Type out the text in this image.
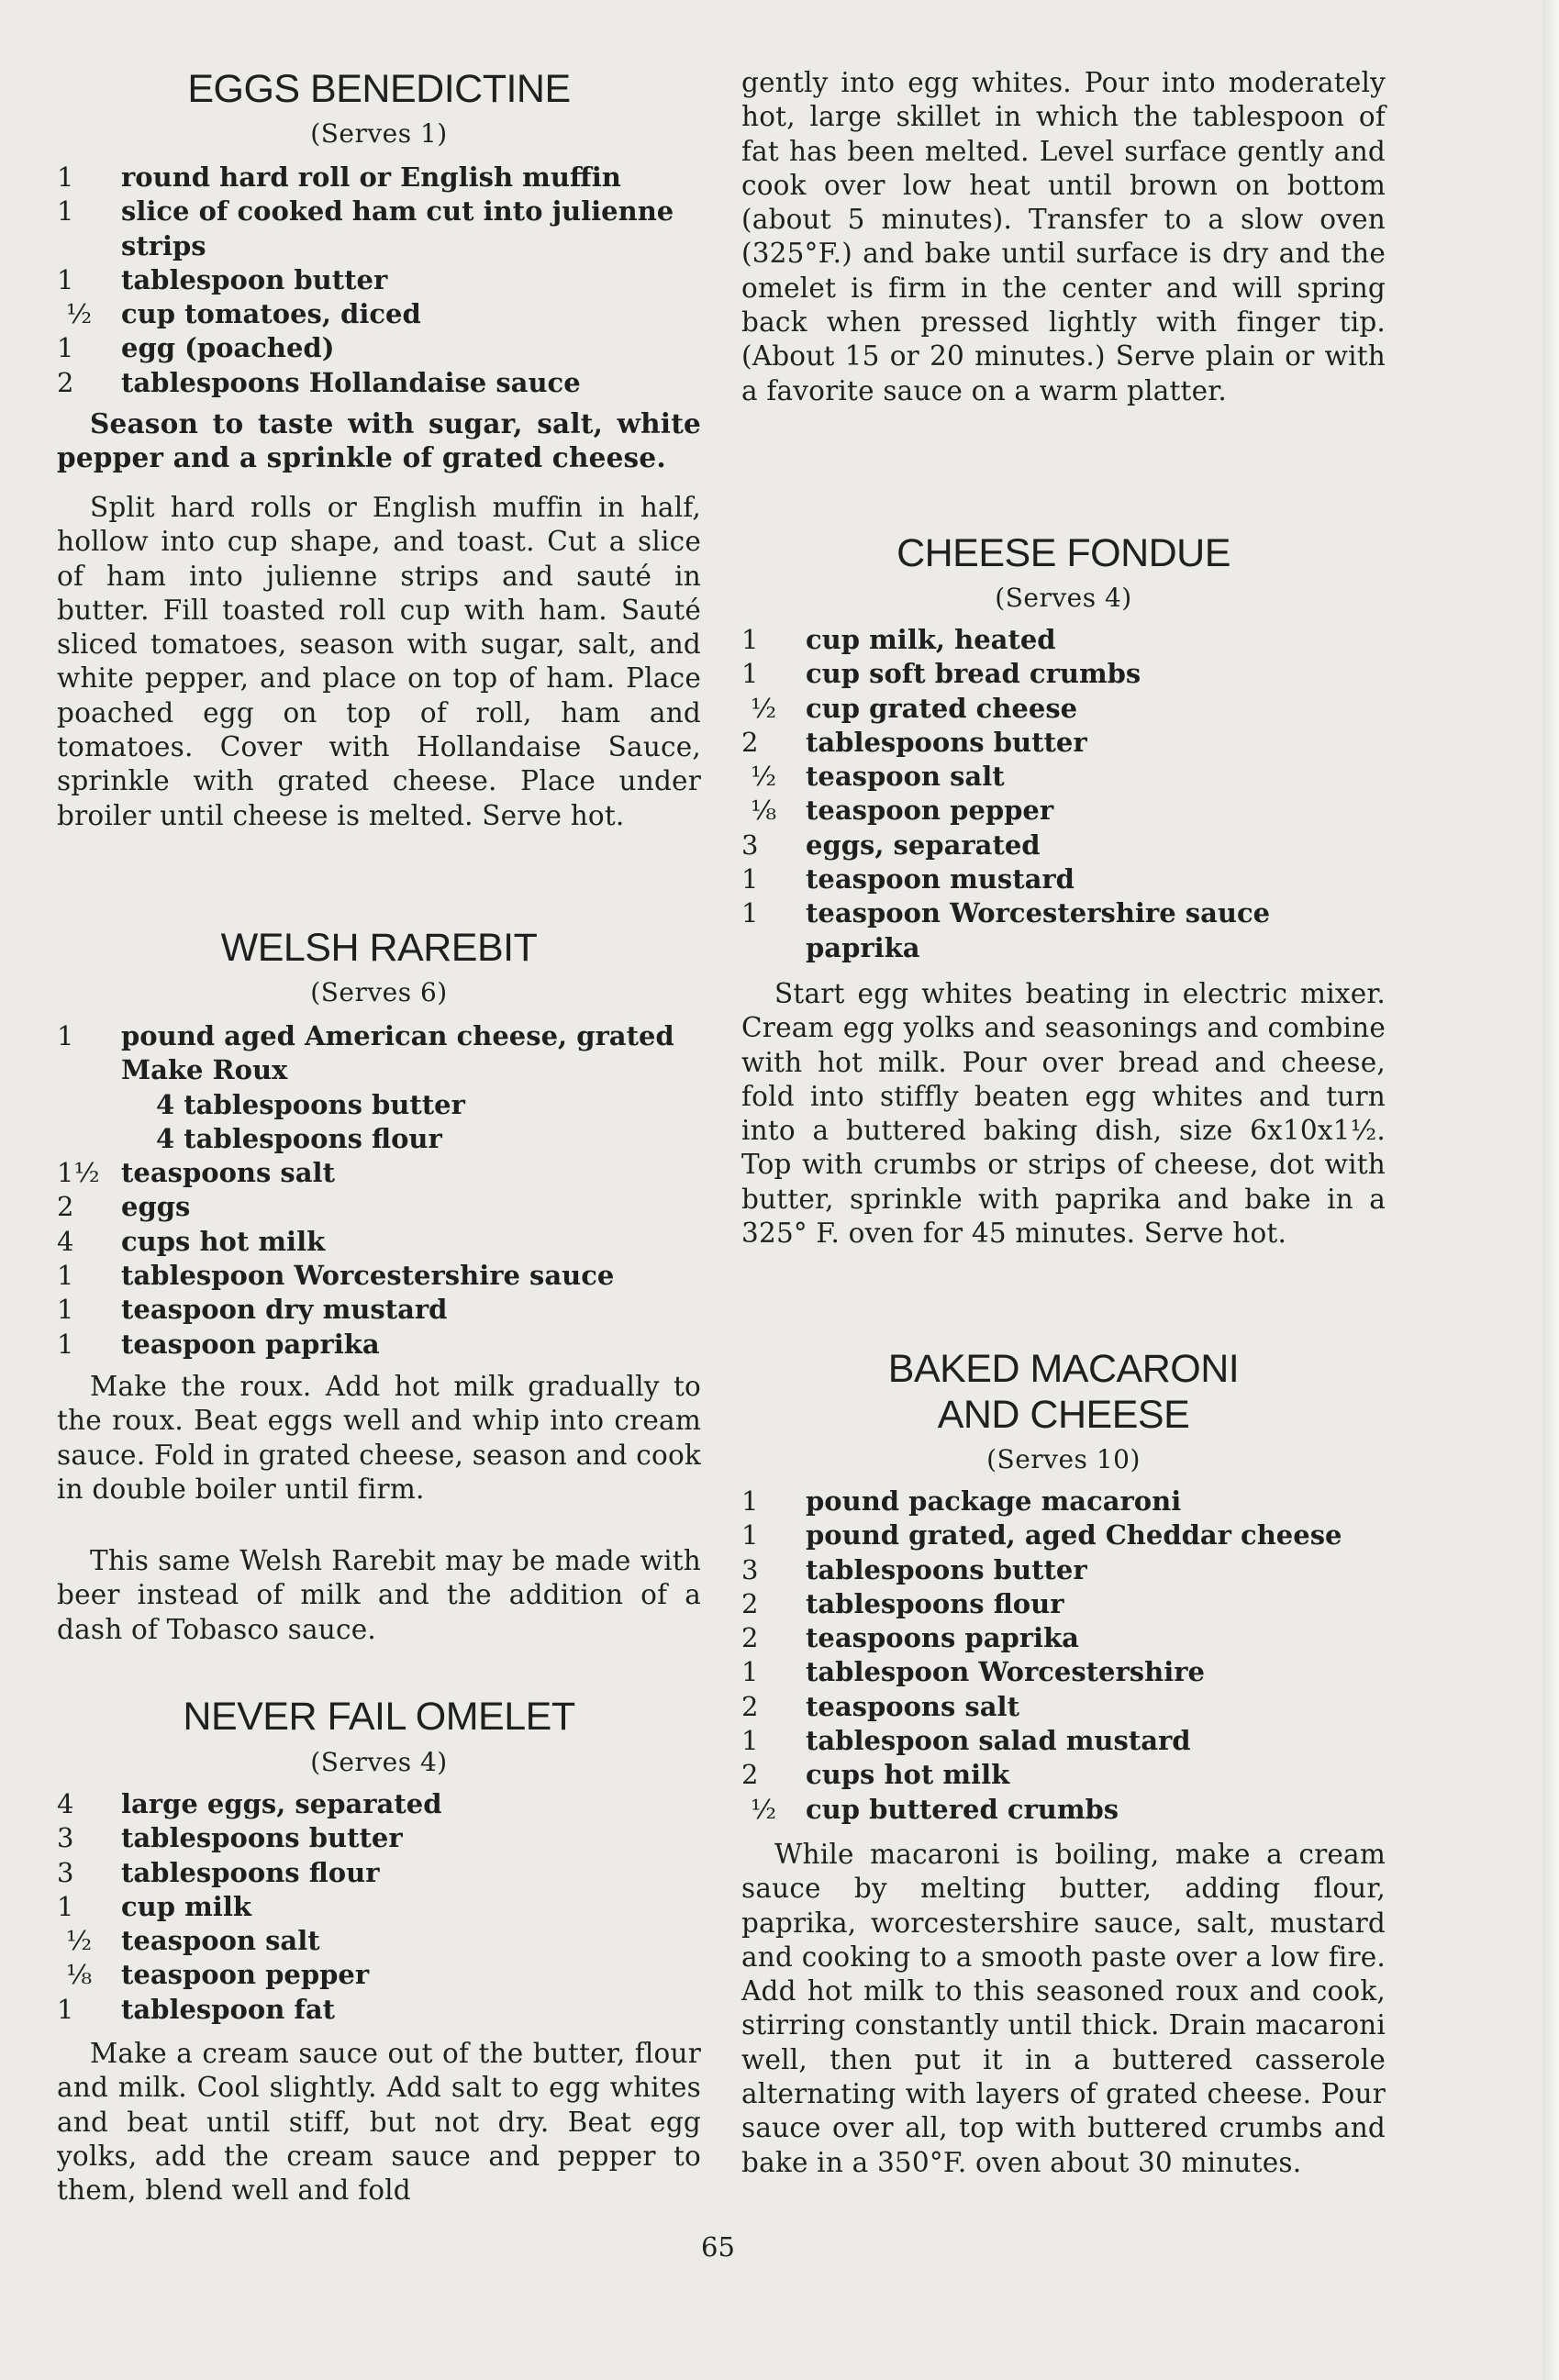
EGGS BENEDICTINE
(Serves 1)
1	round hard roll or English muffin
1	slice of cooked ham cut into julienne strips
1	tablespoon butter
½	cup tomatoes, diced
1	egg (poached)
2	tablespoons Hollandaise sauce

Season to taste with sugar, salt, white pepper and a sprinkle of grated cheese.

Split hard rolls or English muffin in half, hollow into cup shape, and toast. Cut a slice of ham into julienne strips and sauté in butter. Fill toasted roll cup with ham. Sauté sliced tomatoes, season with sugar, salt, and white pepper, and place on top of ham. Place poached egg on top of roll, ham and tomatoes. Cover with Hollandaise Sauce, sprinkle with grated cheese. Place under broiler until cheese is melted. Serve hot.

WELSH RAREBIT
(Serves 6)
1	pound aged American cheese, grated
Make Roux
4 tablespoons butter
4 tablespoons flour
1½ teaspoons salt
2	eggs
4	cups hot milk
1	tablespoon Worcestershire sauce
1	teaspoon dry mustard
1	teaspoon paprika

Make the roux. Add hot milk gradually to the roux. Beat eggs well and whip into cream sauce. Fold in grated cheese, season and cook in double boiler until firm.

This same Welsh Rarebit may be made with beer instead of milk and the addition of a dash of Tobasco sauce.

NEVER FAIL OMELET
(Serves 4)
4	large eggs, separated
3	tablespoons butter
3	tablespoons flour
1	cup milk
½	teaspoon salt
⅛	teaspoon pepper
1	tablespoon fat

Make a cream sauce out of the butter, flour and milk. Cool slightly. Add salt to egg whites and beat until stiff, but not dry. Beat egg yolks, add the cream sauce and pepper to them, blend well and fold

gently into egg whites. Pour into moderately hot, large skillet in which the tablespoon of fat has been melted. Level surface gently and cook over low heat until brown on bottom (about 5 minutes). Transfer to a slow oven (325°F.) and bake until surface is dry and the omelet is firm in the center and will spring back when pressed lightly with finger tip. (About 15 or 20 minutes.) Serve plain or with a favorite sauce on a warm platter.

CHEESE FONDUE
(Serves 4)
1	cup milk, heated
1	cup soft bread crumbs
½	cup grated cheese
2	tablespoons butter
½	teaspoon salt
⅛	teaspoon pepper
3	eggs, separated
1	teaspoon mustard
1	teaspoon Worcestershire sauce
paprika

Start egg whites beating in electric mixer. Cream egg yolks and seasonings and combine with hot milk. Pour over bread and cheese, fold into stiffly beaten egg whites and turn into a buttered baking dish, size 6x10x1½. Top with crumbs or strips of cheese, dot with butter, sprinkle with paprika and bake in a 325° F. oven for 45 minutes. Serve hot.

BAKED MACARONI
AND CHEESE
(Serves 10)
1	pound package macaroni
1	pound grated, aged Cheddar cheese
3	tablespoons butter
2	tablespoons flour
2	teaspoons paprika
1	tablespoon Worcestershire
2	teaspoons salt
1	tablespoon salad mustard
2	cups hot milk
½	cup buttered crumbs

While macaroni is boiling, make a cream sauce by melting butter, adding flour, paprika, worcestershire sauce, salt, mustard and cooking to a smooth paste over a low fire. Add hot milk to this seasoned roux and cook, stirring constantly until thick. Drain macaroni well, then put it in a buttered casserole alternating with layers of grated cheese. Pour sauce over all, top with buttered crumbs and bake in a 350°F. oven about 30 minutes.

65
